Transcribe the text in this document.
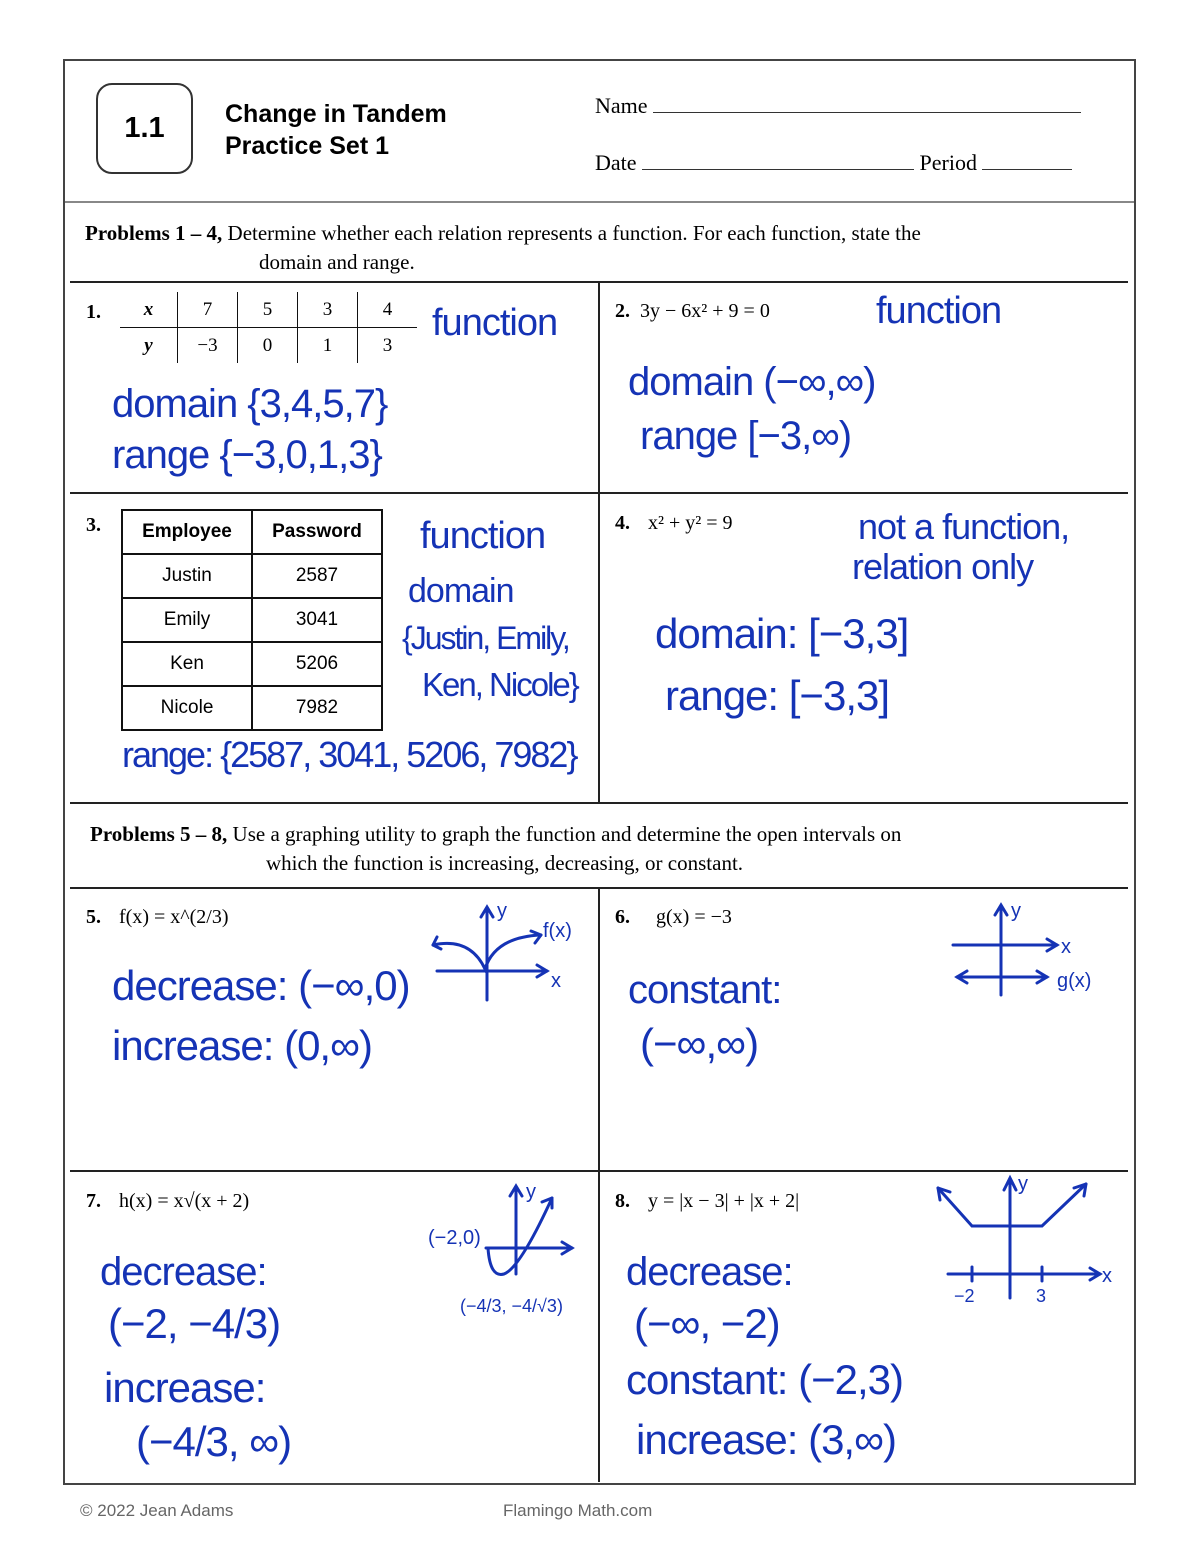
1.1 Change in Tandem
Practice Set 1
Name
Date	Period
Problems 1 – 4, Determine whether each relation represents a function. For each function, state the
domain and range.
1. x	7	5	3	4
y	−3	0	1	3
function
domain {3,4,5,7}
range {−3,0,1,3}
2. 3y − 6x² + 9 = 0	function
domain (−∞,∞)
range [−3,∞)
3. Employee	Password
Justin	2587
Emily	3041
Ken	5206
Nicole	7982
function
domain
{Justin, Emily,
Ken, Nicole}
range: {2587, 3041, 5206, 7982}
4. x² + y² = 9	not a function,
relation only
domain: [−3,3]
range: [−3,3]
Problems 5 – 8, Use a graphing utility to graph the function and determine the open intervals on
which the function is increasing, decreasing, or constant.
5. f(x) = x^(2/3)	y
f(x)
x
decrease: (−∞,0)
increase: (0,∞)
6. g(x) = −3	y
x
g(x)
constant:
(−∞,∞)
7. h(x) = x√(x + 2)	y
(−2,0)
(−4/3, −4/√3)
decrease:
(−2, −4/3)
increase:
(−4/3, ∞)
8. y = |x − 3| + |x + 2|
y
x
−2	3
decrease:
(−∞, −2)
constant: (−2,3)
increase: (3,∞)
© 2022 Jean Adams	Flamingo Math.com
